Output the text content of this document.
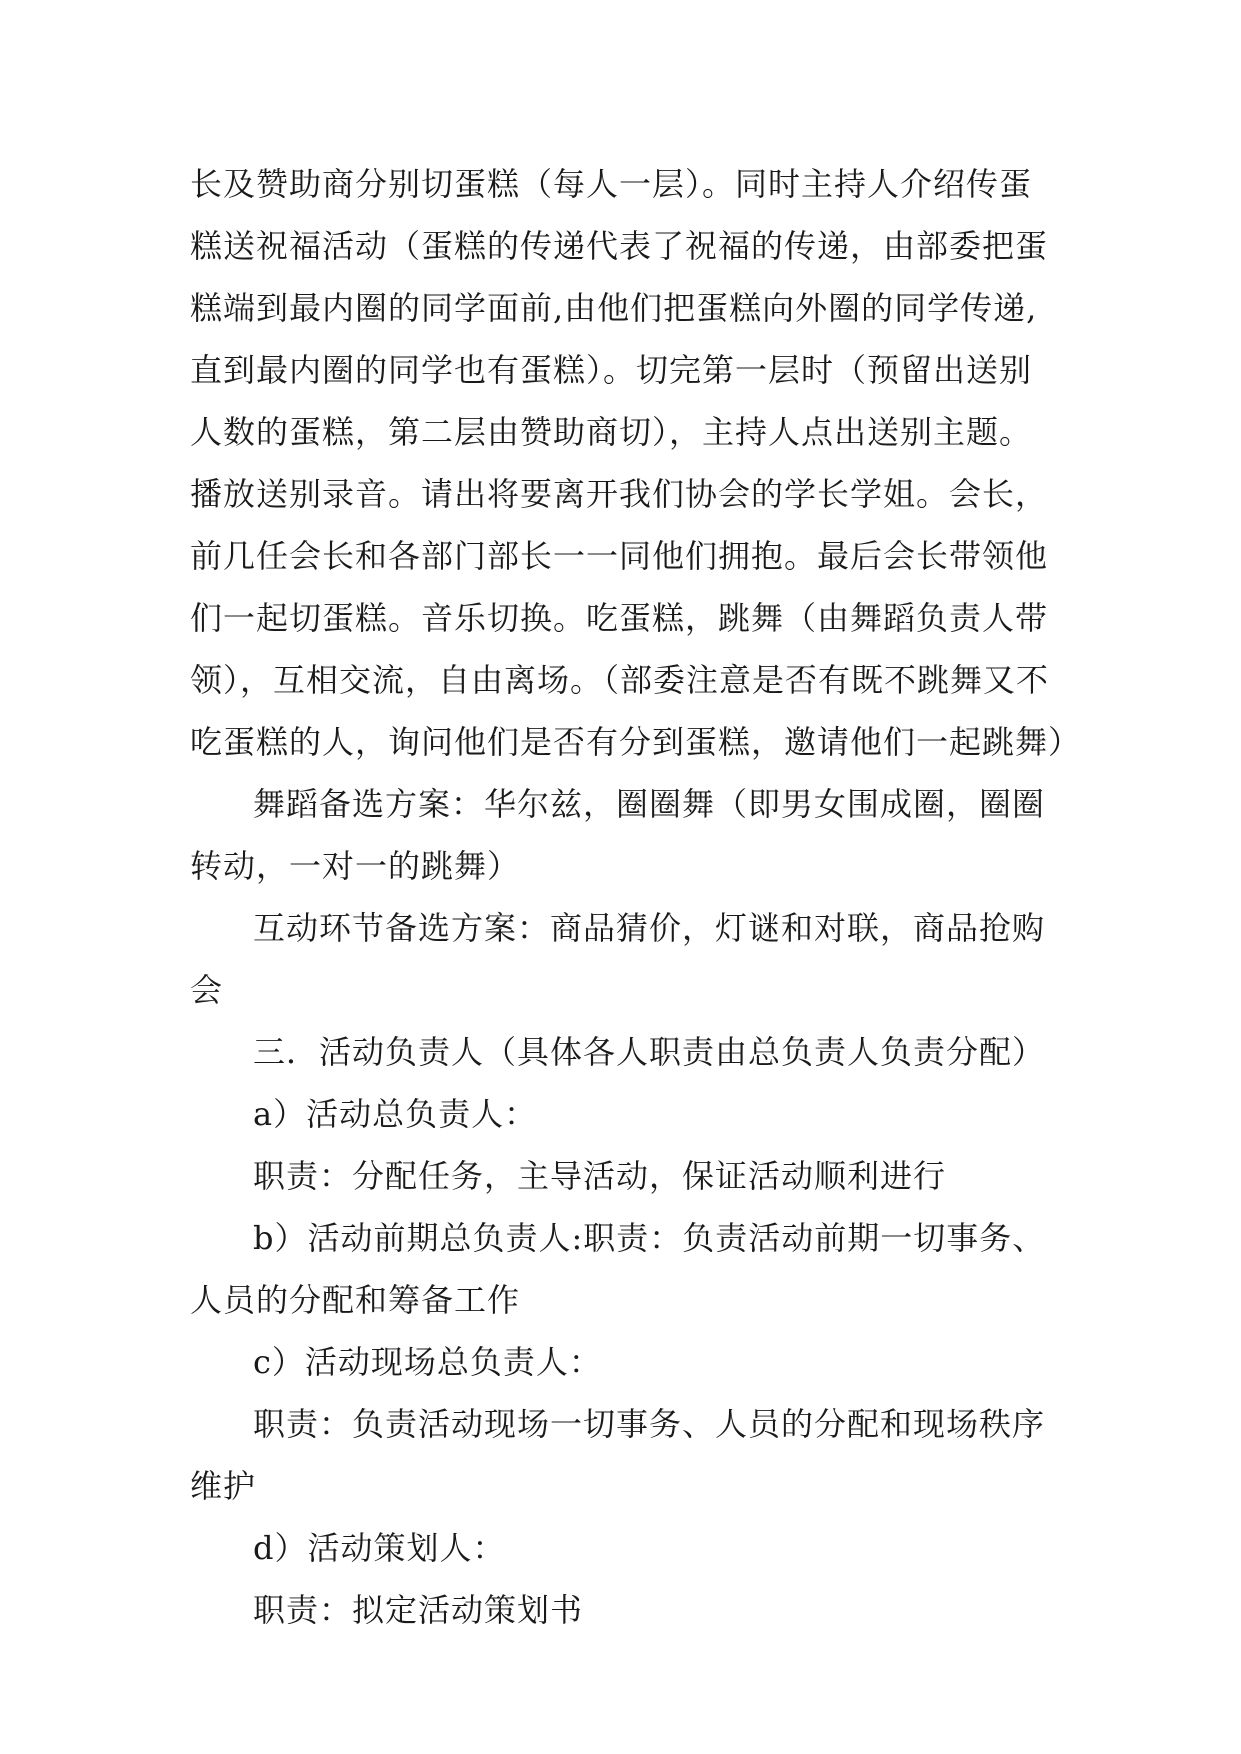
长及赞助商分别切蛋糕（每人一层）。同时主持人介绍传蛋
糕送祝福活动（蛋糕的传递代表了祝福的传递，由部委把蛋
糕端到最内圈的同学面前,由他们把蛋糕向外圈的同学传递,
直到最内圈的同学也有蛋糕）。切完第一层时（预留出送别
人数的蛋糕，第二层由赞助商切），主持人点出送别主题。
播放送别录音。请出将要离开我们协会的学长学姐。会长，
前几任会长和各部门部长一一同他们拥抱。最后会长带领他
们一起切蛋糕。音乐切换。吃蛋糕，跳舞（由舞蹈负责人带
领），互相交流，自由离场。（部委注意是否有既不跳舞又不
吃蛋糕的人，询问他们是否有分到蛋糕，邀请他们一起跳舞）
舞蹈备选方案：华尔兹，圈圈舞（即男女围成圈，圈圈
转动，一对一的跳舞）
互动环节备选方案：商品猜价，灯谜和对联，商品抢购
会
三．活动负责人（具体各人职责由总负责人负责分配）
a）活动总负责人：
职责：分配任务，主导活动，保证活动顺利进行
b）活动前期总负责人:职责：负责活动前期一切事务、
人员的分配和筹备工作
c）活动现场总负责人：
职责：负责活动现场一切事务、人员的分配和现场秩序
维护
d）活动策划人：
职责：拟定活动策划书
